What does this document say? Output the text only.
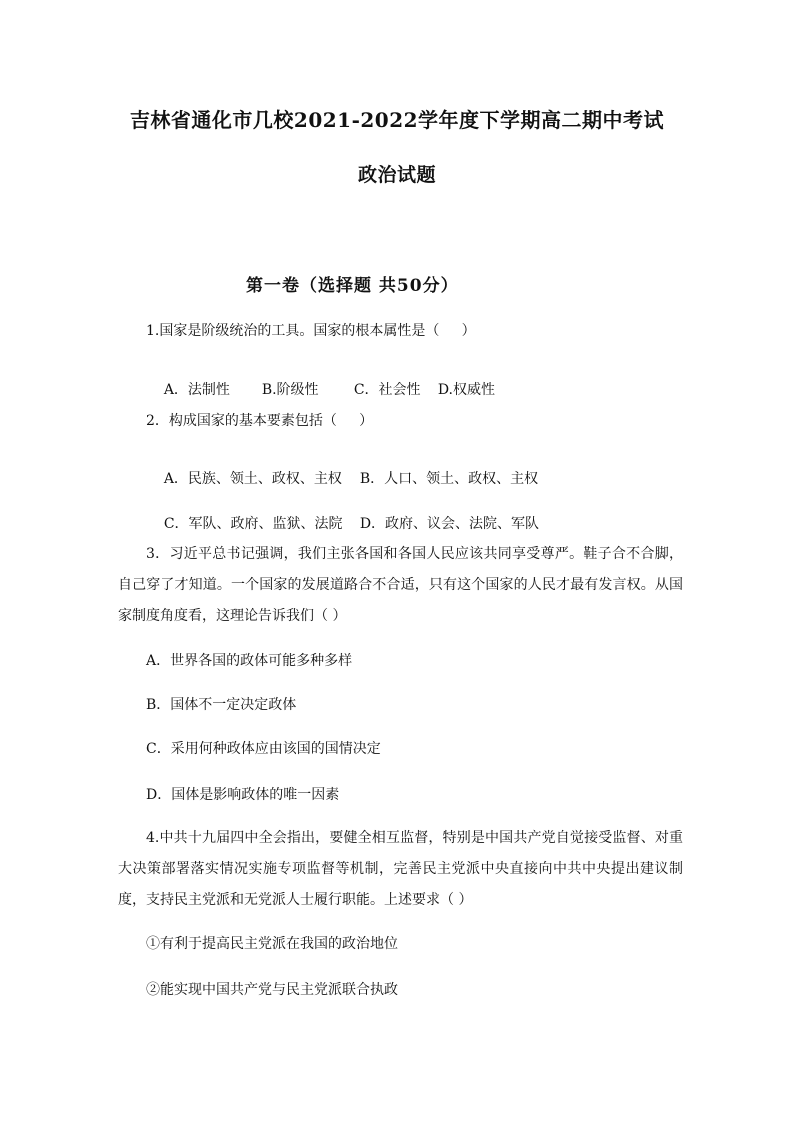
吉林省通化市几校2021-2022学年度下学期高二期中考试
政治试题
第一卷（选择题 共50分）
1.国家是阶级统治的工具。国家的根本属性是（     ）

A．法制性 B.阶级性	C．社会性 D.权威性

2．构成国家的基本要素包括（     ）

A．民族、领土、政权、主权 B．人口、领土、政权、主权

C．军队、政府、监狱、法院 D．政府、议会、法院、军队

3．习近平总书记强调，我们主张各国和各国人民应该共同享受尊严。鞋子合不合脚，自己穿了才知道。一个国家的发展道路合不合适，只有这个国家的人民才最有发言权。从国家制度角度看，这理论告诉我们（ ）
A．世界各国的政体可能多种多样
B．国体不一定决定政体
C．采用何种政体应由该国的国情决定
D．国体是影响政体的唯一因素
4.中共十九届四中全会指出，要健全相互监督，特别是中国共产党自觉接受监督、对重大决策部署落实情况实施专项监督等机制，完善民主党派中央直接向中共中央提出建议制度，支持民主党派和无党派人士履行职能。上述要求（ ）
①有利于提高民主党派在我国的政治地位
②能实现中国共产党与民主党派联合执政
